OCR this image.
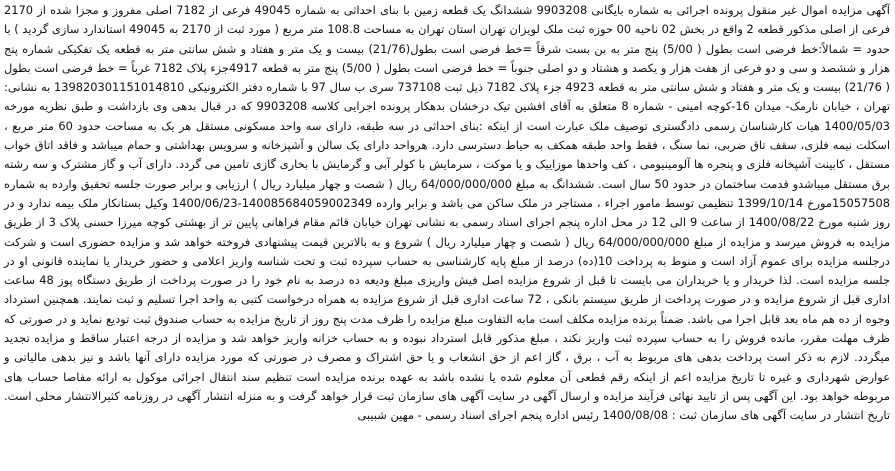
آگهی مزایده اموال غیر منقول پرونده اجرائی به شماره بایگانی 9903208 ششدانگ یک قطعه زمین با بنای احداثی به شماره 49045 فرعی از 7182 اصلی مفروز و مجزا شده از 2170 فرعی از اصلی مذکور قطعه 2 واقع در بخش 02 ناحیه 00 حوزه ثبت ملک لویزان تهران استان تهران به مساحت 108.8 متر مربع ( مورد ثبت از 2170 به 49045 استاندارد سازی گردید ) با حدود = شمالاً:خط فرضی است بطول ( 5/00) پنج متر به بن بست شرقاً =خط فرضی است بطول(21/76) بیست و یک متر و هفتاد و شش سانتی متر به قطعه یک تفکیکی شماره پنج هزار و ششصد و سی و دو فرعی از هفت هزار و یکصد و هشتاد و دو اصلی جنوباً = خط فرضی است بطول ( 5/00) پنج متر به قطعه 4917جزء پلاک 7182 غرباً = خط فرضی است بطول ( 21/76) بیست و یک متر و هفتاد و شش سانتی متر به قطعه 4923 جزء پلاک 7182 ذیل ثبت 737108 سری ب سال 97 با شماره دفتر الکترونیکی 139820301151014810 به نشانی: تهران ، خیابان نارمک- میدان 16-کوچه امینی - شماره 8 متعلق به آقای افشین تیک درخشان بدهکار پرونده اجرایی کلاسه 9903208 که در قبال بدهی وی بازداشت و طبق نظریه مورخه 1400/05/03 هیات کارشناسان رسمی دادگستری توصیف ملک عبارت است از اینکه :بنای احداثی در سه طبقه، دارای سه واحد مسکونی مستقل هر یک به مساحت حدود 60 متر مربع ، اسکلت نیمه فلزی، سقف تاق ضربی، نما سنگ ، فقط واحد طبقه همکف به حیاط دسترسی دارد. هرواحد دارای یک سالن و آشپزخانه و سرویس بهداشتی و حمام میباشد و فاقد اتاق خواب مستقل ، کابینت آشپخانه فلزی و پنجره ها آلومینیومی ، کف واحدها موزاییک و یا موکت ، سرمایش با کولر آبی و گرمایش با بخاری گازی تامین می گردد. دارای آب و گاز مشترک و سه رشته برق مستقل میباشدو قدمت ساختمان در حدود 50 سال است. ششدانگ به مبلغ 64/000/000/000 ریال ( شصت و چهار میلیارد ریال ) ارزیابی و برابر صورت جلسه تحقیق وارده به شماره 15057508مورخ 1399/10/14 تنظیمی توسط مامور اجراء ، مستاجر در ملک ساکن می باشد و برابر وارده 140085684059002349-1400/06/23 وکیل بستانکار ملک بیمه ندارد و در روز شنبه مورخ 1400/08/22 از ساعت 9 الی 12 در محل اداره پنجم اجرای اسناد رسمی به نشانی تهران خیابان قائم مقام فراهانی پایین تر از بهشتی کوچه میرزا حسنی پلاک 3 از طریق مزایده به فروش میرسد و مزایده از مبلغ 64/000/000/000 ریال ( شصت و چهار میلیارد ریال ) شروع و به بالاترین قیمت پیشنهادی فروخته خواهد شد و مزایده حضوری است و شرکت درجلسه مزایده برای عموم آزاد است و منوط به پرداخت 10(ده) درصد از مبلغ پایه کارشناسی به حساب سپرده ثبت و تحت شناسه واریز اعلامی و حضور خریدار یا نماینده قانونی او در جلسه مزایده است. لذا خریدار و یا خریداران می بایست تا قبل از شروع مزایده اصل فیش واریزی مبلغ ودیعه ده درصد به نام خود را در صورت پرداخت از طریق دستگاه پوز 48 ساعت اداری قبل از شروع مزایده و در صورت پرداخت از طریق سیستم بانکی ، 72 ساعت اداری قبل از شروع مزایده به همراه درخواست کتبی به واحد اجرا تسلیم و ثبت نمایند. همچنین استرداد وجوه از ده هم ماه بعد قابل اجرا می باشد. ضمناً برنده مزایده مکلف است مابه التفاوت مبلغ مزایده را ظرف مدت پنج روز از تاریخ مزایده به حساب صندوق ثبت تودیع نماید و در صورتی که ظرف مهلت مقرر، مانده فروش را به حساب سپرده ثبت واریز نکند ، مبلغ مذکور قابل استرداد نبوده و به حساب خزانه واریز خواهد شد و مزایده از درجه اعتبار ساقط و مزایده تجدید میگردد. لازم به ذکر است پرداخت بدهی های مربوط به آب ، برق ، گاز اعم از حق انشعاب و یا حق اشتراک و مصرف در صورتی که مورد مزایده دارای آنها باشد و نیز بدهی مالیاتی و عوارض شهرداری و غیره تا تاریخ مزایده اعم از اینکه رقم قطعی آن معلوم شده یا نشده باشد به عهده برنده مزایده است تنظیم سند انتقال اجرائی موکول به ارائه مفاصا حساب های مربوطه خواهد بود. این آگهی پس از تایید نهائی فرآیند مزایده و ارسال آگهی در سایت آگهی های سازمان ثبت قرار خواهد گرفت و به منزله انتشار آگهی در روزنامه کثیرالانتشار محلی است. تاریخ انتشار در سایت آگهی های سازمان ثبت : 1400/08/08 رئیس اداره پنجم اجرای اسناد رسمی - مهین شبیبی
